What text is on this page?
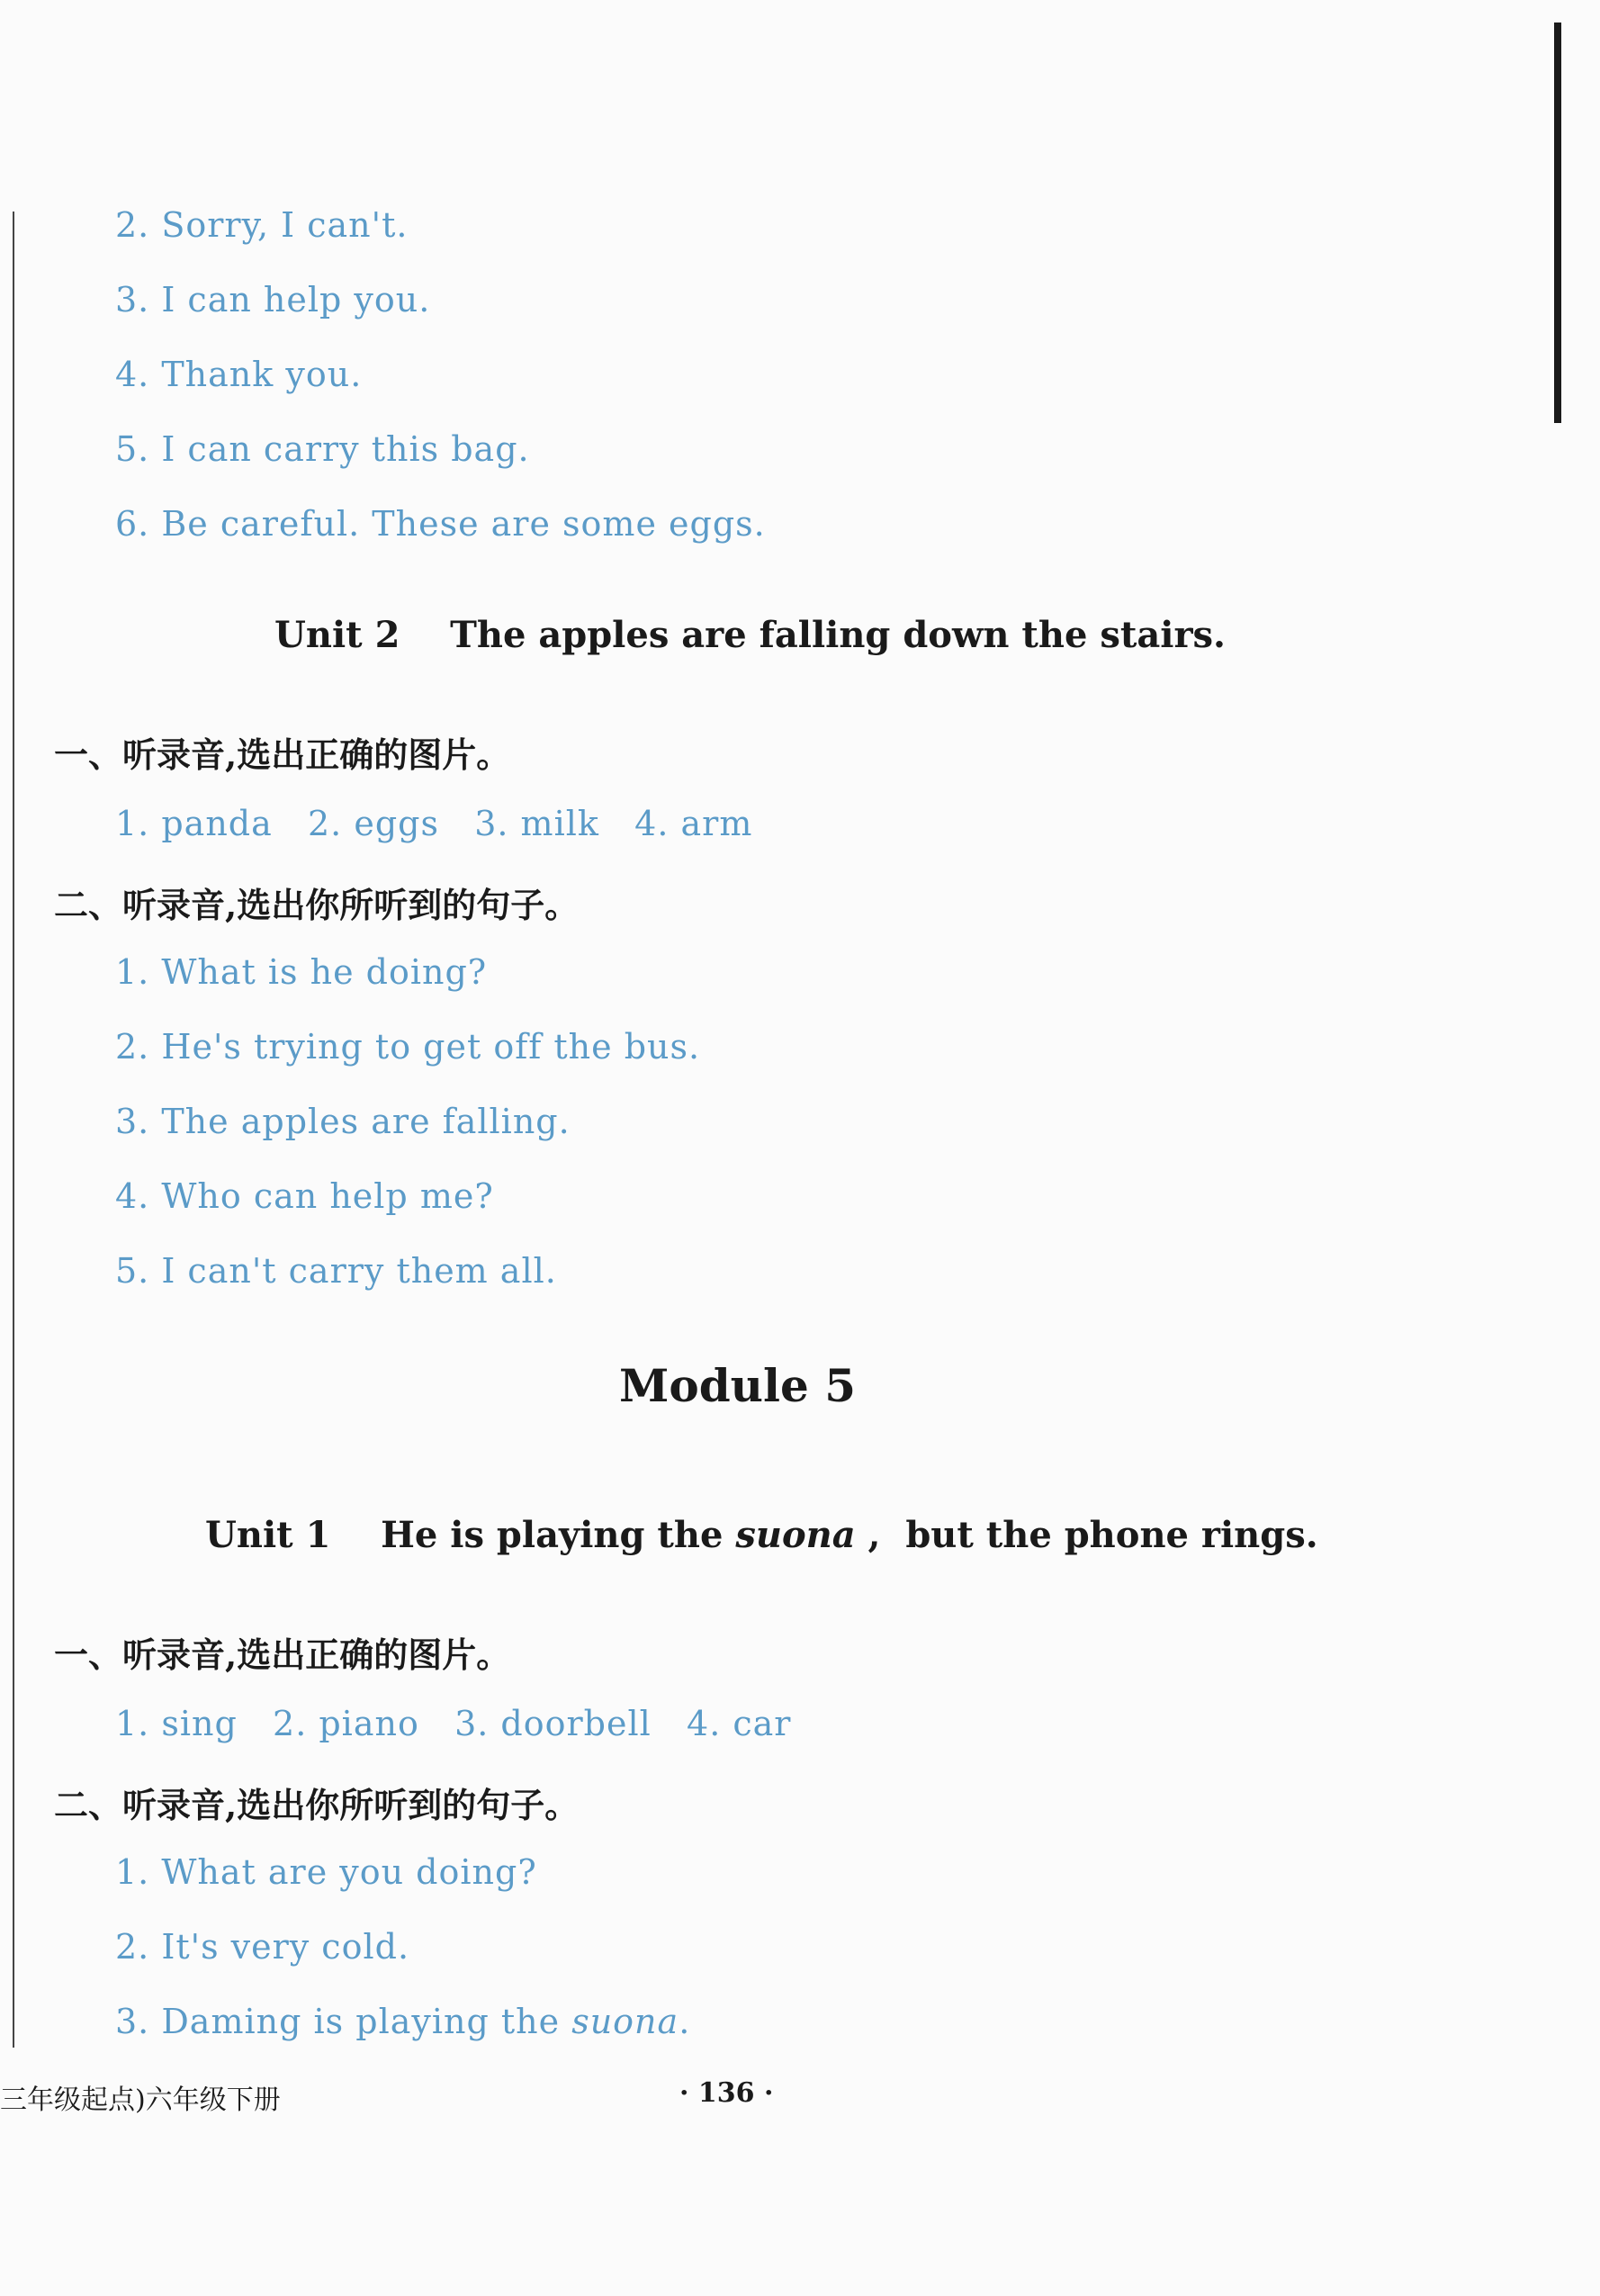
2. Sorry, I can't.
3. I can help you.
4. Thank you.
5. I can carry this bag.
6. Be careful. These are some eggs.
Unit 2    The apples are falling down the stairs.
一、听录音,选出正确的图片。
1. panda   2. eggs   3. milk   4. arm
二、听录音,选出你所听到的句子。
1. What is he doing?
2. He's trying to get off the bus.
3. The apples are falling.
4. Who can help me?
5. I can't carry them all.
Module 5
Unit 1    He is playing the suona ,  but the phone rings.
一、听录音,选出正确的图片。
1. sing   2. piano   3. doorbell   4. car
二、听录音,选出你所听到的句子。
1. What are you doing?
2. It's very cold.
3. Daming is playing the suona.
三年级起点)六年级下册	· 136 ·
